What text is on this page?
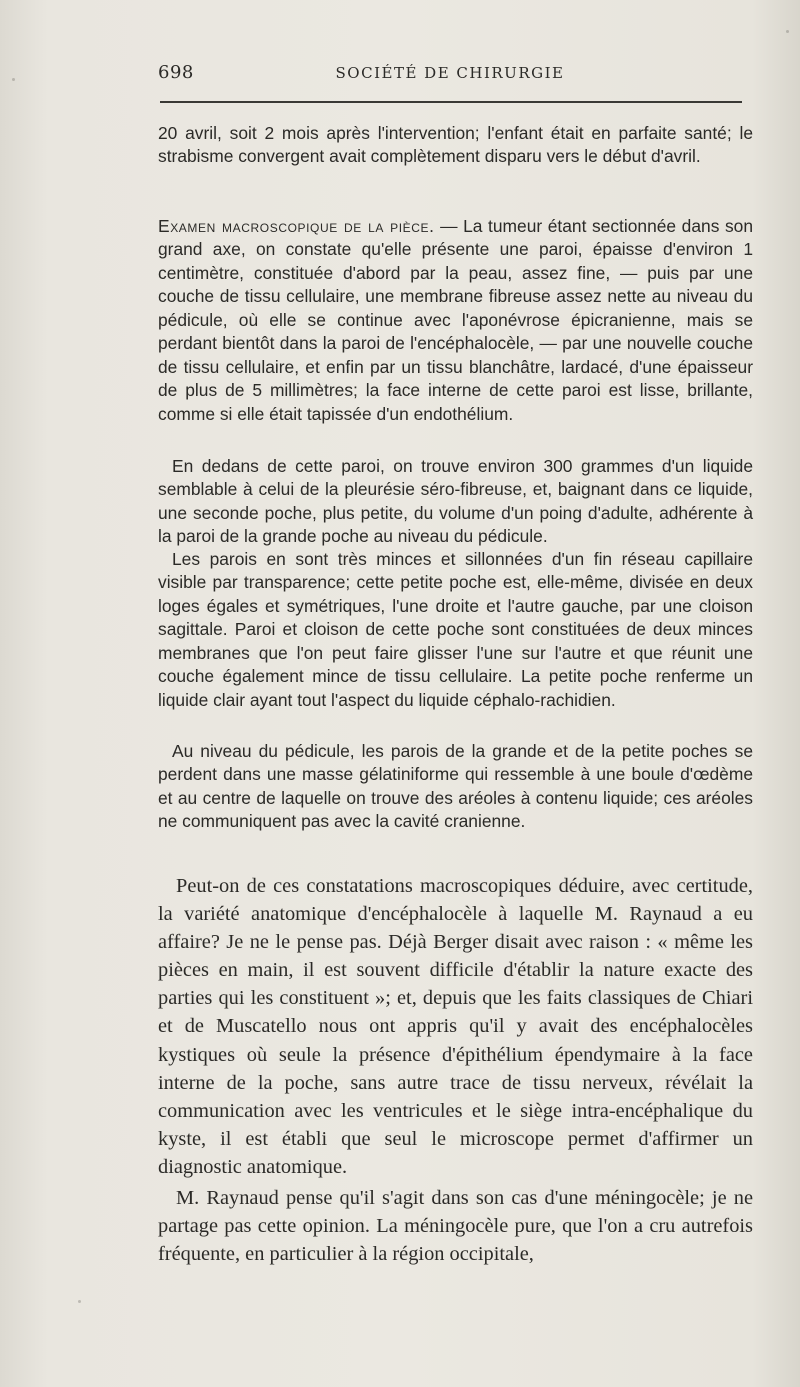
698	SOCIÉTÉ DE CHIRURGIE

20 avril, soit 2 mois après l'intervention; l'enfant était en parfaite santé; le strabisme convergent avait complètement disparu vers le début d'avril.

Examen macroscopique de la pièce. — La tumeur étant sectionnée dans son grand axe, on constate qu'elle présente une paroi, épaisse d'environ 1 centimètre, constituée d'abord par la peau, assez fine, — puis par une couche de tissu cellulaire, une membrane fibreuse assez nette au niveau du pédicule, où elle se continue avec l'aponévrose épicranienne, mais se perdant bientôt dans la paroi de l'encéphalocèle, — par une nouvelle couche de tissu cellulaire, et enfin par un tissu blanchâtre, lardacé, d'une épaisseur de plus de 5 millimètres; la face interne de cette paroi est lisse, brillante, comme si elle était tapissée d'un endothélium.

En dedans de cette paroi, on trouve environ 300 grammes d'un liquide semblable à celui de la pleurésie séro-fibreuse, et, baignant dans ce liquide, une seconde poche, plus petite, du volume d'un poing d'adulte, adhérente à la paroi de la grande poche au niveau du pédicule.

Les parois en sont très minces et sillonnées d'un fin réseau capillaire visible par transparence; cette petite poche est, elle-même, divisée en deux loges égales et symétriques, l'une droite et l'autre gauche, par une cloison sagittale. Paroi et cloison de cette poche sont constituées de deux minces membranes que l'on peut faire glisser l'une sur l'autre et que réunit une couche également mince de tissu cellulaire. La petite poche renferme un liquide clair ayant tout l'aspect du liquide céphalo-rachidien.

Au niveau du pédicule, les parois de la grande et de la petite poches se perdent dans une masse gélatiniforme qui ressemble à une boule d'œdème et au centre de laquelle on trouve des aréoles à contenu liquide; ces aréoles ne communiquent pas avec la cavité cranienne.

Peut-on de ces constatations macroscopiques déduire, avec certitude, la variété anatomique d'encéphalocèle à laquelle M. Raynaud a eu affaire? Je ne le pense pas. Déjà Berger disait avec raison : « même les pièces en main, il est souvent difficile d'établir la nature exacte des parties qui les constituent »; et, depuis que les faits classiques de Chiari et de Muscatello nous ont appris qu'il y avait des encéphalocèles kystiques où seule la présence d'épithélium épendymaire à la face interne de la poche, sans autre trace de tissu nerveux, révélait la communication avec les ventricules et le siège intra-encéphalique du kyste, il est établi que seul le microscope permet d'affirmer un diagnostic anatomique.

M. Raynaud pense qu'il s'agit dans son cas d'une méningocèle; je ne partage pas cette opinion. La méningocèle pure, que l'on a cru autrefois fréquente, en particulier à la région occipitale,
